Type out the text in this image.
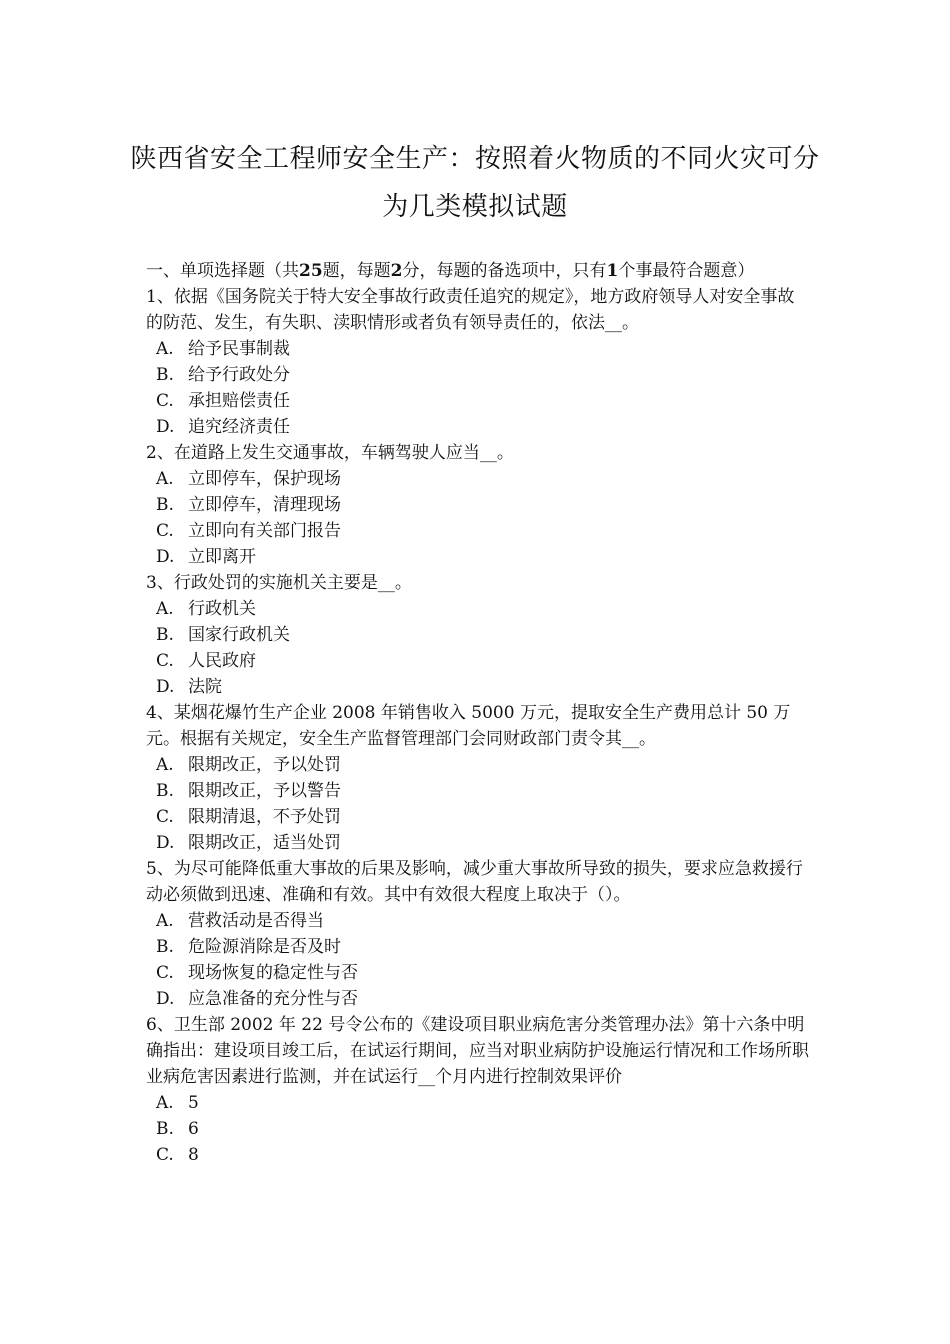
陕西省安全工程师安全生产：按照着火物质的不同火灾可分
为几类模拟试题

一、单项选择题（共25题，每题2分，每题的备选项中，只有1个事最符合题意）

1、依据《国务院关于特大安全事故行政责任追究的规定》，地方政府领导人对安全事故的防范、发生，有失职、渎职情形或者负有领导责任的，依法__。

A. 给予民事制裁

B. 给予行政处分

C. 承担赔偿责任

D. 追究经济责任

2、在道路上发生交通事故，车辆驾驶人应当__。

A. 立即停车，保护现场

B. 立即停车，清理现场

C. 立即向有关部门报告

D. 立即离开

3、行政处罚的实施机关主要是__。

A. 行政机关

B. 国家行政机关

C. 人民政府

D. 法院

4、某烟花爆竹生产企业 2008 年销售收入 5000 万元，提取安全生产费用总计 50 万元。根据有关规定，安全生产监督管理部门会同财政部门责令其__。

A. 限期改正，予以处罚

B. 限期改正，予以警告

C. 限期清退，不予处罚

D. 限期改正，适当处罚

5、为尽可能降低重大事故的后果及影响，减少重大事故所导致的损失，要求应急救援行动必须做到迅速、准确和有效。其中有效很大程度上取决于（）。

A. 营救活动是否得当

B. 危险源消除是否及时

C. 现场恢复的稳定性与否

D. 应急准备的充分性与否

6、卫生部 2002 年 22 号令公布的《建设项目职业病危害分类管理办法》第十六条中明确指出：建设项目竣工后，在试运行期间，应当对职业病防护设施运行情况和工作场所职业病危害因素进行监测，并在试运行__个月内进行控制效果评价

A. 5

B. 6

C. 8
